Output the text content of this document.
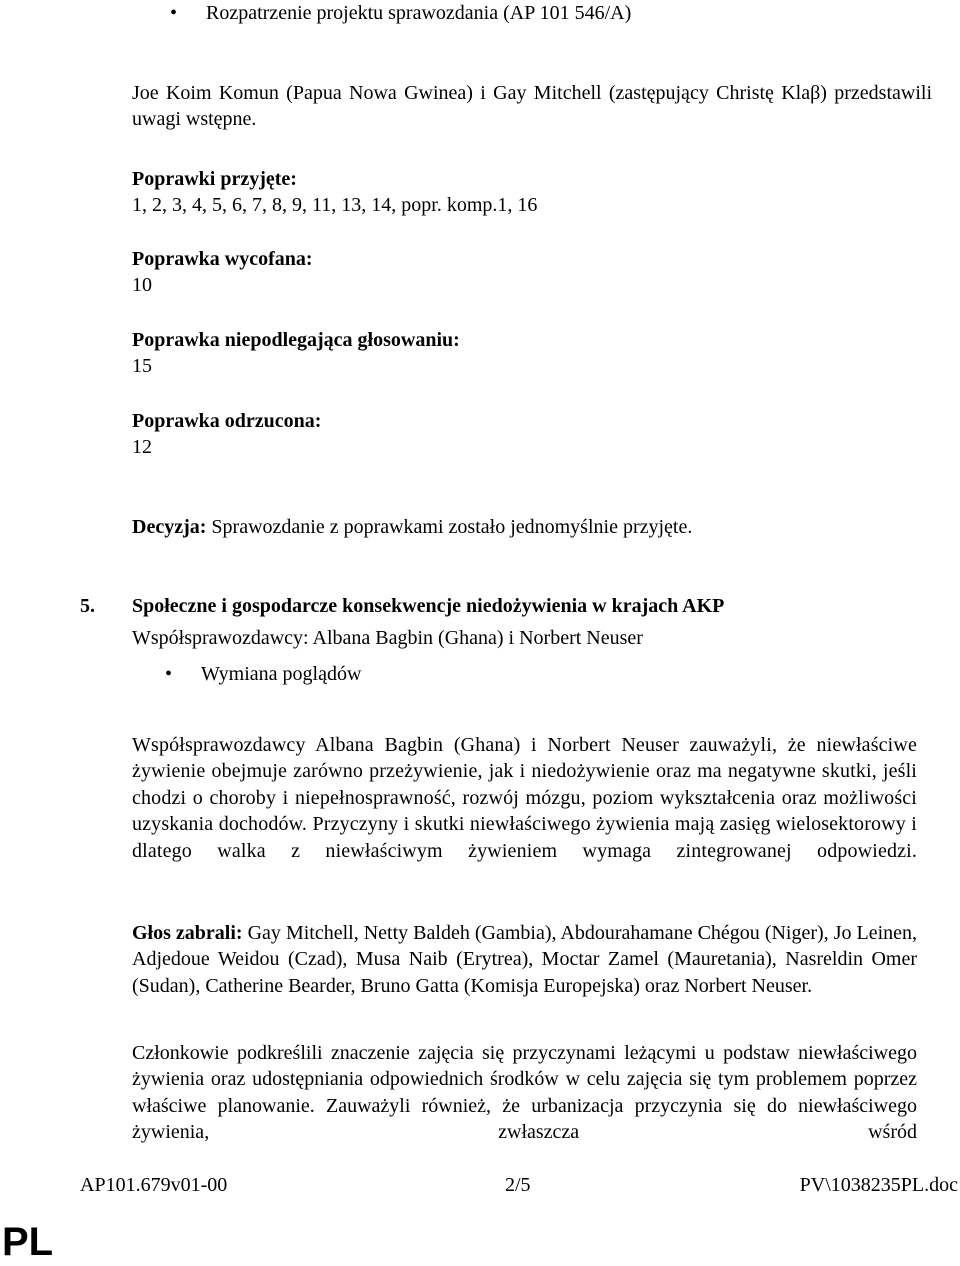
•	Rozpatrzenie projektu sprawozdania (AP 101 546/A)
Joe Koim Komun (Papua Nowa Gwinea) i Gay Mitchell (zastępujący Christę Klaβ) przedstawili uwagi wstępne.
Poprawki przyjęte:
1, 2, 3, 4, 5, 6, 7, 8, 9, 11, 13, 14, popr. komp.1, 16
Poprawka wycofana:
10
Poprawka niepodlegająca głosowaniu:
15
Poprawka odrzucona:
12
Decyzja: Sprawozdanie z poprawkami zostało jednomyślnie przyjęte.
5. Społeczne i gospodarcze konsekwencje niedożywienia w krajach AKP
Współsprawozdawcy: Albana Bagbin (Ghana) i Norbert Neuser
•	Wymiana poglądów
Współsprawozdawcy Albana Bagbin (Ghana) i Norbert Neuser zauważyli, że niewłaściwe żywienie obejmuje zarówno przeżywienie, jak i niedożywienie oraz ma negatywne skutki, jeśli chodzi o choroby i niepełnosprawność, rozwój mózgu, poziom wykształcenia oraz możliwości uzyskania dochodów. Przyczyny i skutki niewłaściwego żywienia mają zasięg wielosektorowy i dlatego walka z niewłaściwym żywieniem wymaga zintegrowanej odpowiedzi.
Głos zabrali: Gay Mitchell, Netty Baldeh (Gambia), Abdourahamane Chégou (Niger), Jo Leinen, Adjedoue Weidou (Czad), Musa Naib (Erytrea), Moctar Zamel (Mauretania), Nasreldin Omer (Sudan), Catherine Bearder, Bruno Gatta (Komisja Europejska) oraz Norbert Neuser.
Członkowie podkreślili znaczenie zajęcia się przyczynami leżącymi u podstaw niewłaściwego żywienia oraz udostępniania odpowiednich środków w celu zajęcia się tym problemem poprzez właściwe planowanie. Zauważyli również, że urbanizacja przyczynia się do niewłaściwego żywienia, zwłaszcza wśród
AP101.679v01-00	2/5	PV\1038235PL.doc
PL
